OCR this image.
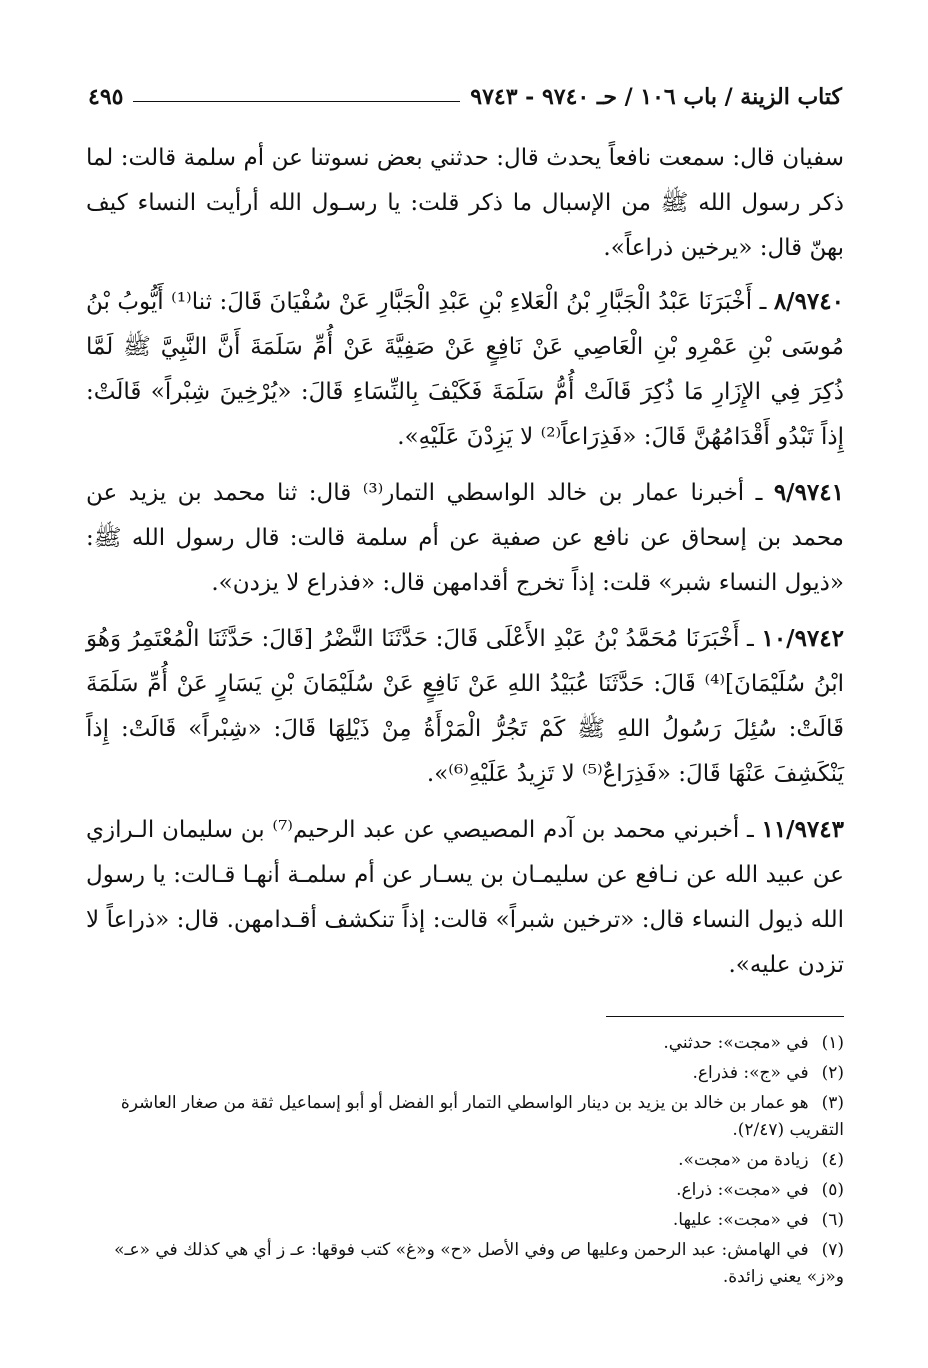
كتاب الزينة / باب ١٠٦ / حـ ٩٧٤٠ - ٩٧٤٣
٤٩٥

سفيان قال: سمعت نافعاً يحدث قال: حدثني بعض نسوتنا عن أم سلمة قالت: لما ذكر رسول الله ﷺ من الإسبال ما ذكر قلت: يا رسـول الله أرأيت النساء كيف بهنّ قال: «يرخين ذراعاً».

٨/٩٧٤٠ ـ أَخْبَرَنَا عَبْدُ الْجَبَّارِ بْنُ الْعَلاءِ بْنِ عَبْدِ الْجَبَّارِ عَنْ سُفْيَانَ قَالَ: ثنا⁽¹⁾ أَيُّوبُ بْنُ مُوسَى بْنِ عَمْرِو بْنِ الْعَاصِي عَنْ نَافِعٍ عَنْ صَفِيَّةَ عَنْ أُمِّ سَلَمَةَ أَنَّ النَّبِيَّ ﷺ لَمَّا ذُكِرَ فِي الإِزَارِ مَا ذُكِرَ قَالَتْ أُمُّ سَلَمَةَ فَكَيْفَ بِالنِّسَاءِ قَالَ: «يُرْخِينَ شِبْراً» قَالَتْ: إِذاً تَبْدُو أَقْدَامُهُنَّ قَالَ: «فَذِرَاعاً⁽²⁾ لا يَزِدْنَ عَلَيْهِ».

٩/٩٧٤١ ـ أخبرنا عمار بن خالد الواسطي التمار⁽³⁾ قال: ثنا محمد بن يزيد عن محمد بن إسحاق عن نافع عن صفية عن أم سلمة قالت: قال رسول الله ﷺ: «ذيول النساء شبر» قلت: إذاً تخرج أقدامهن قال: «فذراع لا يزدن».

١٠/٩٧٤٢ ـ أَخْبَرَنَا مُحَمَّدُ بْنُ عَبْدِ الأَعْلَى قَالَ: حَدَّثَنَا النَّضْرُ [قَالَ: حَدَّثَنَا الْمُعْتَمِرُ وَهُوَ ابْنُ سُلَيْمَانَ]⁽⁴⁾ قَالَ: حَدَّثَنَا عُبَيْدُ اللهِ عَنْ نَافِعٍ عَنْ سُلَيْمَانَ بْنِ يَسَارٍ عَنْ أُمِّ سَلَمَةَ قَالَتْ: سُئِلَ رَسُولُ اللهِ ﷺ كَمْ تَجُرُّ الْمَرْأَةُ مِنْ ذَيْلِهَا قَالَ: «شِبْراً» قَالَتْ: إِذاً يَنْكَشِفَ عَنْهَا قَالَ: «فَذِرَاعٌ⁽⁵⁾ لا تَزِيدُ عَلَيْهِ⁽⁶⁾».

١١/٩٧٤٣ ـ أخبرني محمد بن آدم المصيصي عن عبد الرحيم⁽⁷⁾ بن سليمان الـرازي عن عبيد الله عن نـافع عن سليمـان بن يسـار عن أم سلمـة أنهـا قـالت: يا رسول الله ذيول النساء قال: «ترخين شبراً» قالت: إذاً تنكشف أقـدامهن. قال: «ذراعاً لا تزدن عليه».

(١) في «مجت»: حدثني.

(٢) في «ج»: فذراع.

(٣) هو عمار بن خالد بن يزيد بن دينار الواسطي التمار أبو الفضل أو أبو إسماعيل ثقة من صغار العاشرة التقريب (٢/٤٧).

(٤) زيادة من «مجت».

(٥) في «مجت»: ذراع.

(٦) في «مجت»: عليها.

(٧) في الهامش: عبد الرحمن وعليها ص وفي الأصل «ح» و«غ» كتب فوقها: عـ ز أي هي كذلك في «عـ» و«ز» يعني زائدة.
